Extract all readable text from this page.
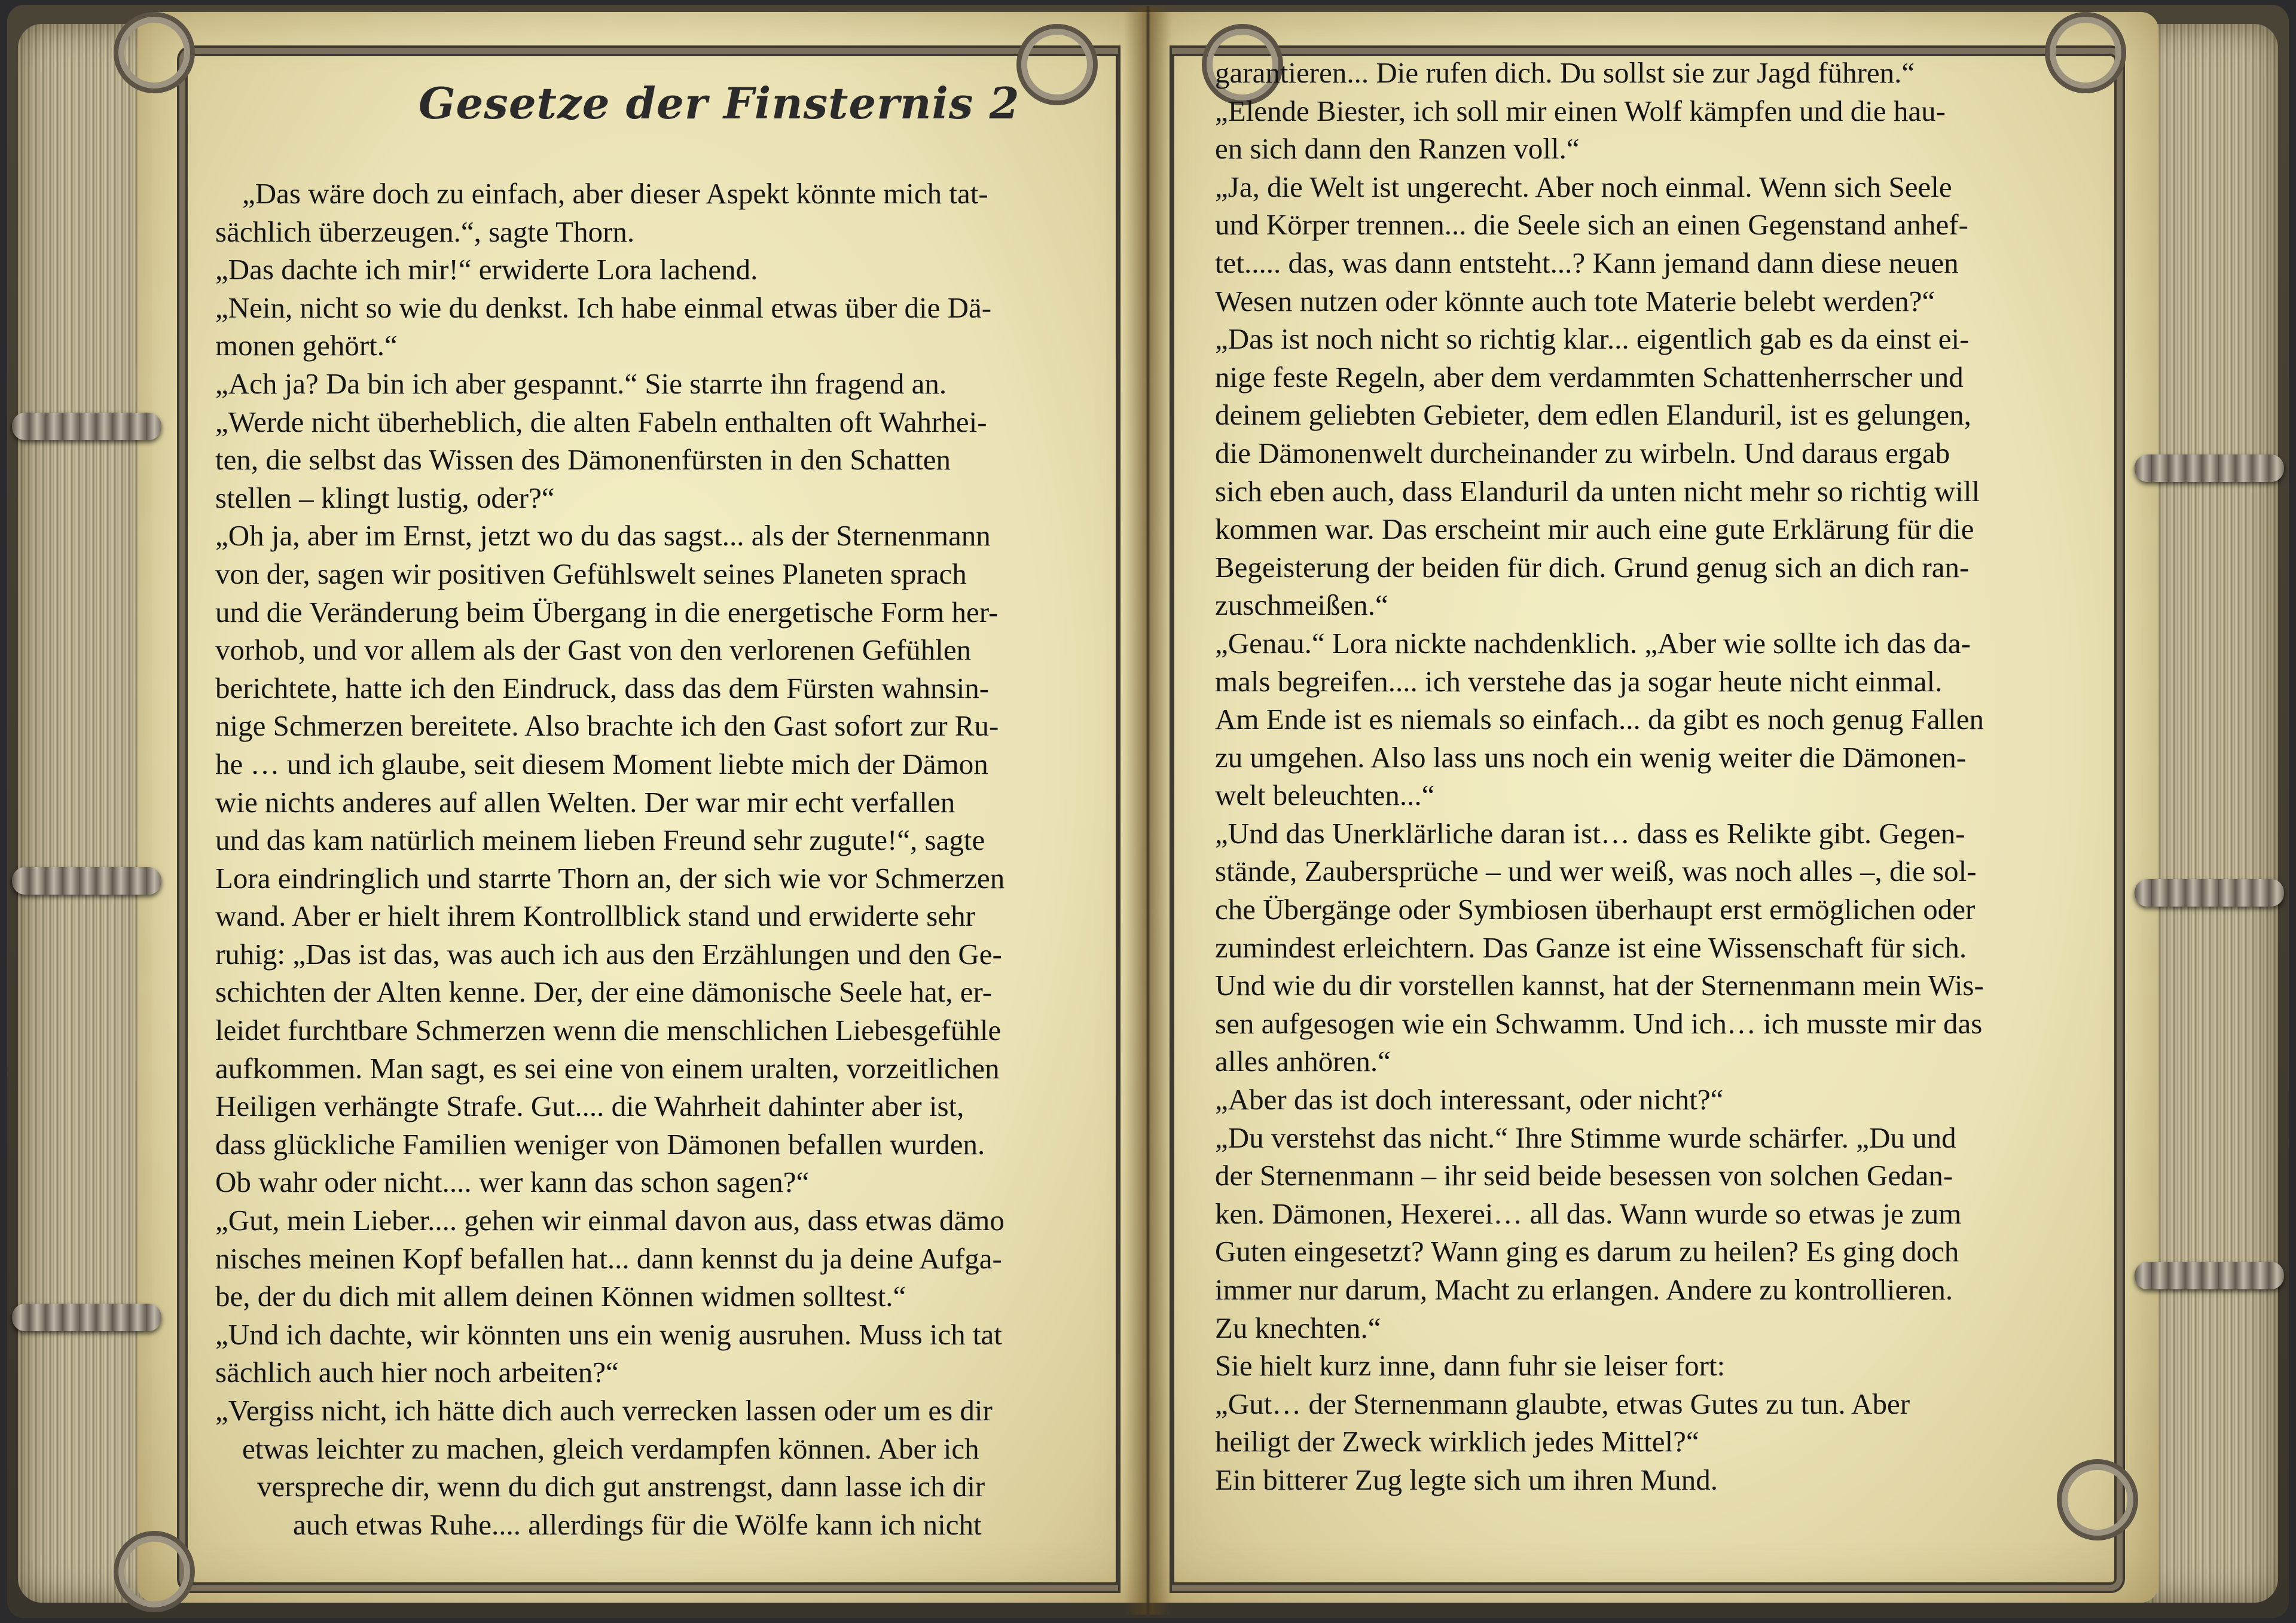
Gesetze der Finsternis 2
„Das wäre doch zu einfach, aber dieser Aspekt könnte mich tat-
sächlich überzeugen.“, sagte Thorn.
„Das dachte ich mir!“ erwiderte Lora lachend.
„Nein, nicht so wie du denkst. Ich habe einmal etwas über die Dä-
monen gehört.“
„Ach ja? Da bin ich aber gespannt.“ Sie starrte ihn fragend an.
„Werde nicht überheblich, die alten Fabeln enthalten oft Wahrhei-
ten, die selbst das Wissen des Dämonenfürsten in den Schatten
stellen – klingt lustig, oder?“
„Oh ja, aber im Ernst, jetzt wo du das sagst... als der Sternenmann
von der, sagen wir positiven Gefühlswelt seines Planeten sprach
und die Veränderung beim Übergang in die energetische Form her-
vorhob, und vor allem als der Gast von den verlorenen Gefühlen
berichtete, hatte ich den Eindruck, dass das dem Fürsten wahnsin-
nige Schmerzen bereitete. Also brachte ich den Gast sofort zur Ru-
he … und ich glaube, seit diesem Moment liebte mich der Dämon
wie nichts anderes auf allen Welten. Der war mir echt verfallen
und das kam natürlich meinem lieben Freund sehr zugute!“, sagte
Lora eindringlich und starrte Thorn an, der sich wie vor Schmerzen
wand. Aber er hielt ihrem Kontrollblick stand und erwiderte sehr
ruhig: „Das ist das, was auch ich aus den Erzählungen und den Ge-
schichten der Alten kenne. Der, der eine dämonische Seele hat, er-
leidet furchtbare Schmerzen wenn die menschlichen Liebesgefühle
aufkommen. Man sagt, es sei eine von einem uralten, vorzeitlichen
Heiligen verhängte Strafe. Gut.... die Wahrheit dahinter aber ist,
dass glückliche Familien weniger von Dämonen befallen wurden.
Ob wahr oder nicht.... wer kann das schon sagen?“
„Gut, mein Lieber.... gehen wir einmal davon aus, dass etwas dämo
nisches meinen Kopf befallen hat... dann kennst du ja deine Aufga-
be, der du dich mit allem deinen Können widmen solltest.“
„Und ich dachte, wir könnten uns ein wenig ausruhen. Muss ich tat
sächlich auch hier noch arbeiten?“
„Vergiss nicht, ich hätte dich auch verrecken lassen oder um es dir
etwas leichter zu machen, gleich verdampfen können. Aber ich
verspreche dir, wenn du dich gut anstrengst, dann lasse ich dir
auch etwas Ruhe.... allerdings für die Wölfe kann ich nicht
garantieren... Die rufen dich. Du sollst sie zur Jagd führen.“
„Elende Biester, ich soll mir einen Wolf kämpfen und die hau-
en sich dann den Ranzen voll.“
„Ja, die Welt ist ungerecht. Aber noch einmal. Wenn sich Seele
und Körper trennen... die Seele sich an einen Gegenstand anhef-
tet..... das, was dann entsteht...? Kann jemand dann diese neuen
Wesen nutzen oder könnte auch tote Materie belebt werden?“
„Das ist noch nicht so richtig klar... eigentlich gab es da einst ei-
nige feste Regeln, aber dem verdammten Schattenherrscher und
deinem geliebten Gebieter, dem edlen Elanduril, ist es gelungen,
die Dämonenwelt durcheinander zu wirbeln. Und daraus ergab
sich eben auch, dass Elanduril da unten nicht mehr so richtig will
kommen war. Das erscheint mir auch eine gute Erklärung für die
Begeisterung der beiden für dich. Grund genug sich an dich ran-
zuschmeißen.“
„Genau.“ Lora nickte nachdenklich. „Aber wie sollte ich das da-
mals begreifen.... ich verstehe das ja sogar heute nicht einmal.
Am Ende ist es niemals so einfach... da gibt es noch genug Fallen
zu umgehen. Also lass uns noch ein wenig weiter die Dämonen-
welt beleuchten...“
„Und das Unerklärliche daran ist… dass es Relikte gibt. Gegen-
stände, Zaubersprüche – und wer weiß, was noch alles –, die sol-
che Übergänge oder Symbiosen überhaupt erst ermöglichen oder
zumindest erleichtern. Das Ganze ist eine Wissenschaft für sich.
Und wie du dir vorstellen kannst, hat der Sternenmann mein Wis-
sen aufgesogen wie ein Schwamm. Und ich… ich musste mir das
alles anhören.“
„Aber das ist doch interessant, oder nicht?“
„Du verstehst das nicht.“ Ihre Stimme wurde schärfer. „Du und
der Sternenmann – ihr seid beide besessen von solchen Gedan-
ken. Dämonen, Hexerei… all das. Wann wurde so etwas je zum
Guten eingesetzt? Wann ging es darum zu heilen? Es ging doch
immer nur darum, Macht zu erlangen. Andere zu kontrollieren.
Zu knechten.“
Sie hielt kurz inne, dann fuhr sie leiser fort:
„Gut… der Sternenmann glaubte, etwas Gutes zu tun. Aber
heiligt der Zweck wirklich jedes Mittel?“
Ein bitterer Zug legte sich um ihren Mund.
